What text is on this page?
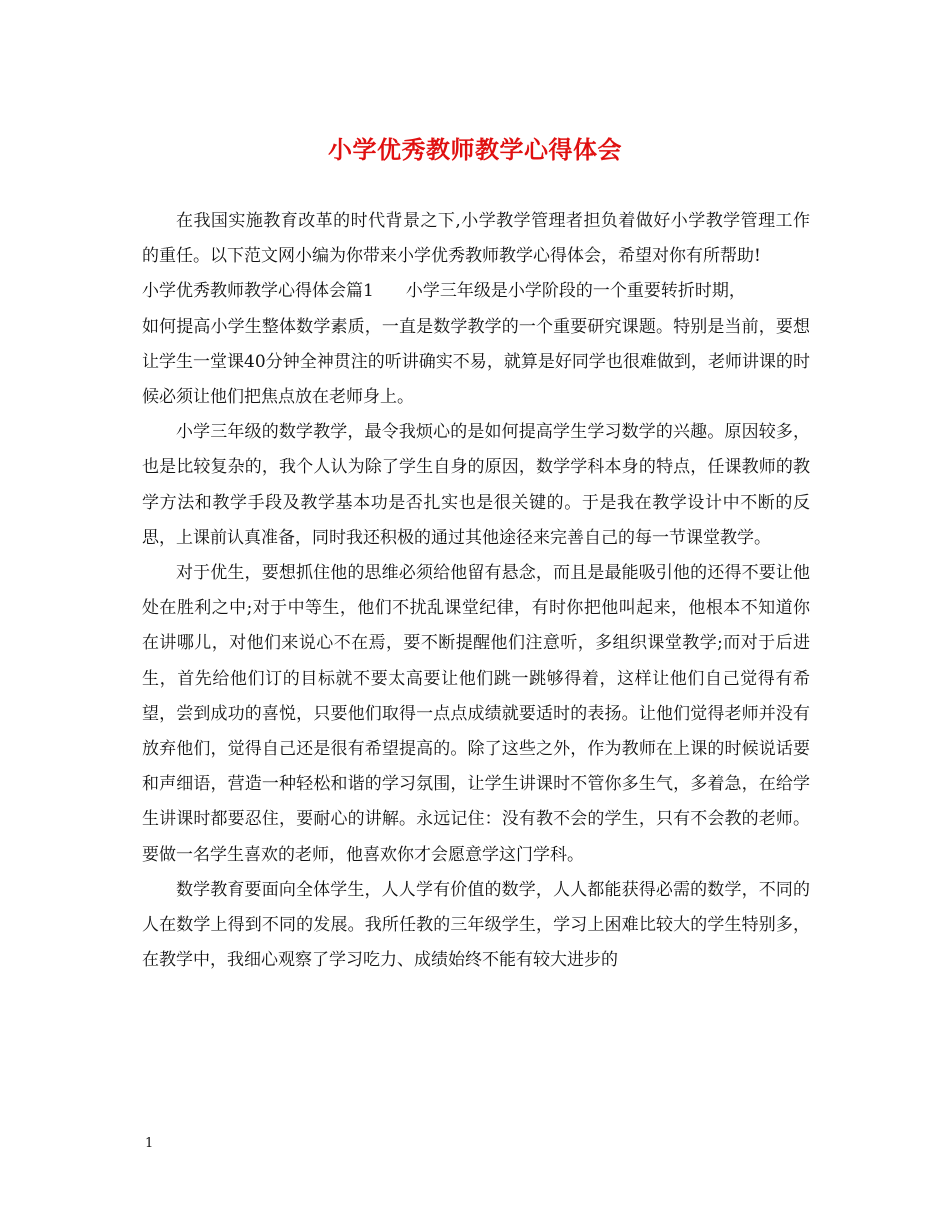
小学优秀教师教学心得体会

在我国实施教育改革的时代背景之下,小学教学管理者担负着做好小学教学管理工作的重任。以下范文网小编为你带来小学优秀教师教学心得体会，希望对你有所帮助!

小学优秀教师教学心得体会篇1 小学三年级是小学阶段的一个重要转折时期，

如何提高小学生整体数学素质，一直是数学教学的一个重要研究课题。特别是当前，要想让学生一堂课40分钟全神贯注的听讲确实不易，就算是好同学也很难做到，老师讲课的时候必须让他们把焦点放在老师身上。

小学三年级的数学教学，最令我烦心的是如何提高学生学习数学的兴趣。原因较多，也是比较复杂的，我个人认为除了学生自身的原因，数学学科本身的特点，任课教师的教学方法和教学手段及教学基本功是否扎实也是很关键的。于是我在教学设计中不断的反思，上课前认真准备，同时我还积极的通过其他途径来完善自己的每一节课堂教学。

对于优生，要想抓住他的思维必须给他留有悬念，而且是最能吸引他的还得不要让他处在胜利之中;对于中等生，他们不扰乱课堂纪律，有时你把他叫起来，他根本不知道你在讲哪儿，对他们来说心不在焉，要不断提醒他们注意听，多组织课堂教学;而对于后进生，首先给他们订的目标就不要太高要让他们跳一跳够得着，这样让他们自己觉得有希望，尝到成功的喜悦，只要他们取得一点点成绩就要适时的表扬。让他们觉得老师并没有放弃他们，觉得自己还是很有希望提高的。除了这些之外，作为教师在上课的时候说话要和声细语，营造一种轻松和谐的学习氛围，让学生讲课时不管你多生气，多着急，在给学生讲课时都要忍住，要耐心的讲解。永远记住：没有教不会的学生，只有不会教的老师。要做一名学生喜欢的老师，他喜欢你才会愿意学这门学科。

数学教育要面向全体学生，人人学有价值的数学，人人都能获得必需的数学，不同的人在数学上得到不同的发展。我所任教的三年级学生，学习上困难比较大的学生特别多，在教学中，我细心观察了学习吃力、成绩始终不能有较大进步的

1
